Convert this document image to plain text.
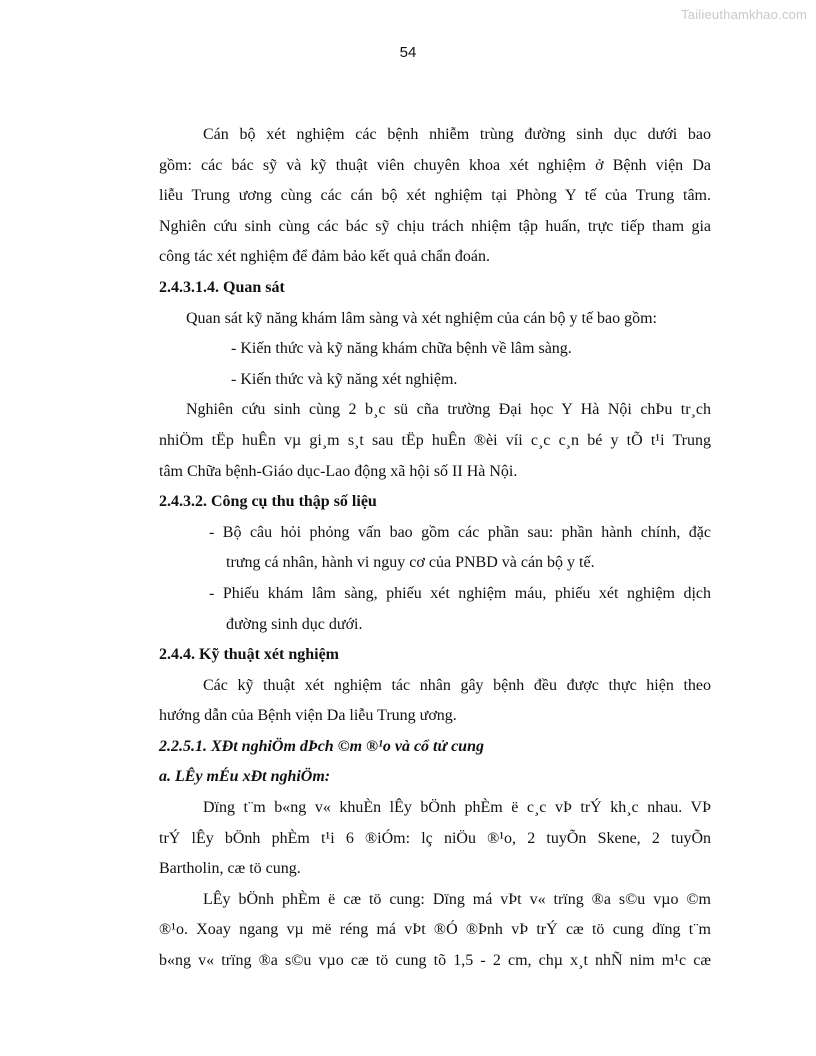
Tailieuthamkhao.com
54
Cán bộ xét nghiệm các bệnh nhiễm trùng đường sinh dục dưới bao
gồm: các bác sỹ và kỹ thuật viên chuyên khoa xét nghiệm ở Bệnh viện Da
liễu Trung ương cùng các cán bộ xét nghiệm tại Phòng Y tế của Trung tâm.
Nghiên cứu sinh cùng các bác sỹ chịu trách nhiệm tập huấn, trực tiếp tham gia
công tác xét nghiệm để đảm bảo kết quả chẩn đoán.
2.4.3.1.4. Quan sát
Quan sát kỹ năng khám lâm sàng và xét nghiệm của cán bộ y tế bao gồm:
- Kiến thức và kỹ năng khám chữa bệnh về lâm sàng.
- Kiến thức và kỹ năng xét nghiệm.
Nghiên cứu sinh cùng 2 b¸c sü cña trường Đại học Y Hà Nội chÞu tr¸ch
nhiÖm tËp huÊn vµ gi¸m s¸t sau tËp huÊn ®èi víi c¸c c¸n bé y tÕ t¹i Trung
tâm Chữa bệnh-Giáo dục-Lao động xã hội số II Hà Nội.
2.4.3.2. Công cụ thu thập số liệu
- Bộ câu hỏi phỏng vấn bao gồm các phần sau: phần hành chính, đặc
trưng cá nhân, hành vi nguy cơ của PNBD và cán bộ y tế.
- Phiếu khám lâm sàng, phiếu xét nghiệm máu, phiếu xét nghiệm dịch
đường sinh dục dưới.
2.4.4. Kỹ thuật xét nghiệm
Các kỹ thuật xét nghiệm tác nhân gây bệnh đều được thực hiện theo
hướng dẫn của Bệnh viện Da liễu Trung ương.
2.2.5.1. XÐt nghiÖm dÞch ©m ®¹o và cổ tử cung
a. LÊy mÉu xÐt nghiÖm:
Dïng t¨m b«ng v« khuÈn lÊy bÖnh phÈm ë c¸c vÞ trÝ kh¸c nhau. VÞ
trÝ lÊy bÖnh phÈm t¹i 6 ®iÓm: lç niÖu ®¹o, 2 tuyÕn Skene, 2 tuyÕn
Bartholin, cæ tö cung.
LÊy bÖnh phÈm ë cæ tö cung: Dïng má vÞt v« trïng ®a s©u vµo ©m
®¹o. Xoay ngang vµ më réng má vÞt ®Ó ®Þnh vÞ trÝ cæ tö cung dïng t¨m
b«ng v« trïng ®a s©u vµo cæ tö cung tõ 1,5 - 2 cm, chµ x¸t nhÑ nim m¹c cæ
